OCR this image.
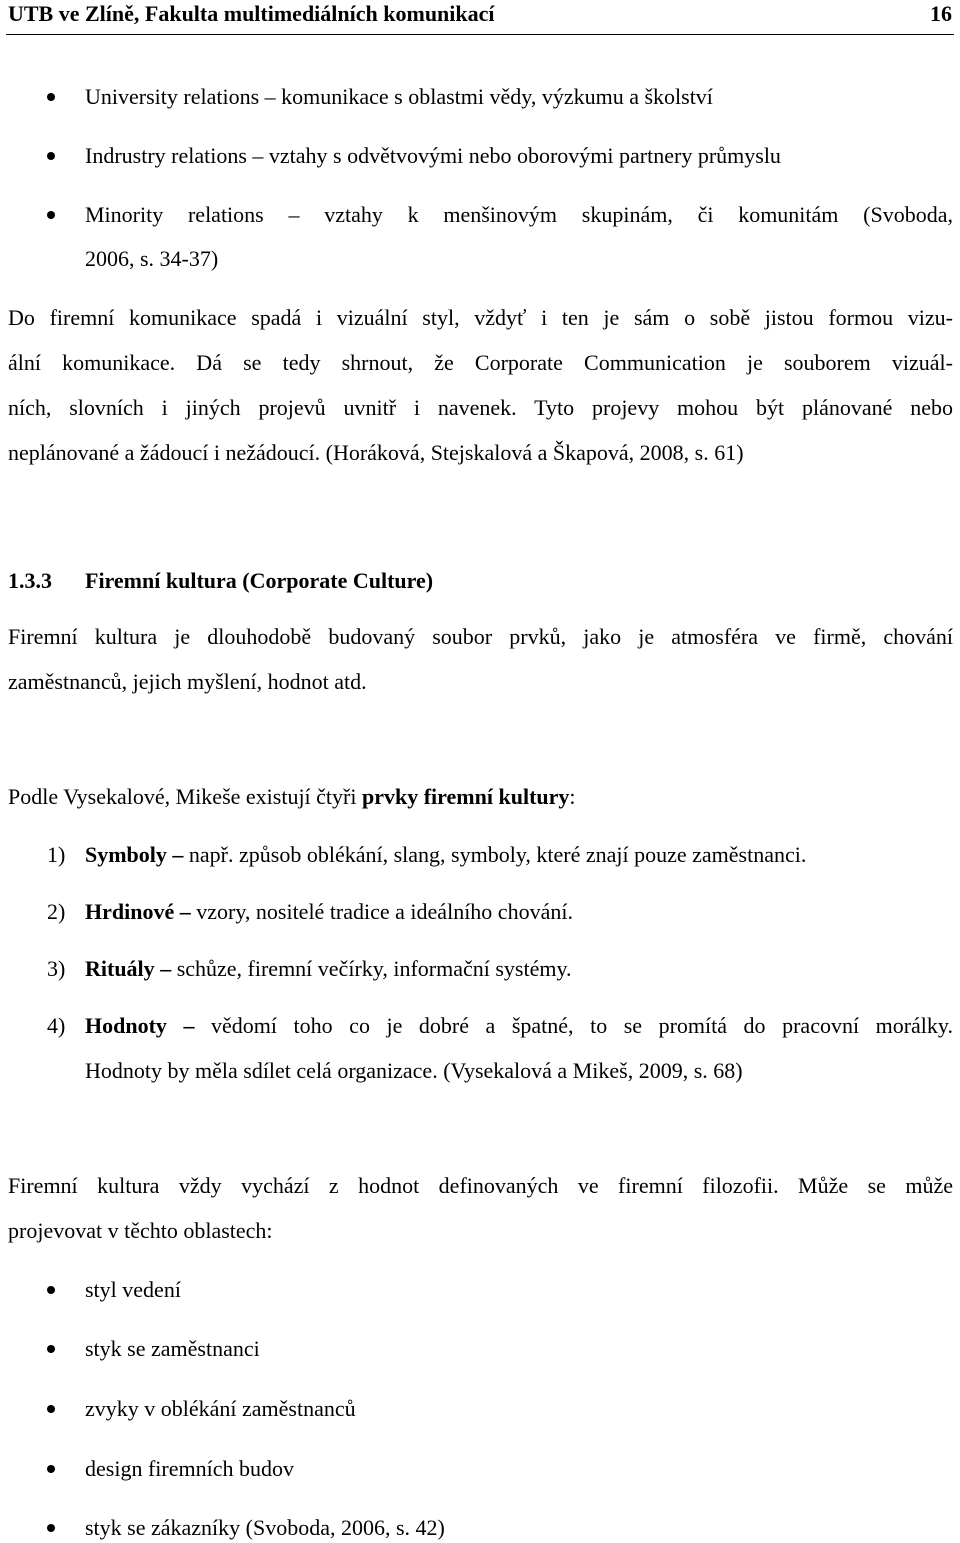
UTB ve Zlíně, Fakulta multimediálních komunikací	16
University relations – komunikace s oblastmi vědy, výzkumu a školství
Indrustry relations – vztahy s odvětvovými nebo oborovými partnery průmyslu
Minority relations – vztahy k menšinovým skupinám, či komunitám (Svoboda,
2006, s. 34-37)
Do firemní komunikace spadá i vizuální styl, vždyť i ten je sám o sobě jistou formou vizu-
ální komunikace. Dá se tedy shrnout, že Corporate Communication je souborem vizuál-
ních, slovních i jiných projevů uvnitř i navenek. Tyto projevy mohou být plánované nebo
neplánované a žádoucí i nežádoucí. (Horáková, Stejskalová a Škapová, 2008, s. 61)
1.3.3 Firemní kultura (Corporate Culture)
Firemní kultura je dlouhodobě budovaný soubor prvků, jako je atmosféra ve firmě, chování
zaměstnanců, jejich myšlení, hodnot atd.
Podle Vysekalové, Mikeše existují čtyři prvky firemní kultury:
1) Symboly – např. způsob oblékání, slang, symboly, které znají pouze zaměstnanci.
2) Hrdinové – vzory, nositelé tradice a ideálního chování.
3) Rituály – schůze, firemní večírky, informační systémy.
4) Hodnoty – vědomí toho co je dobré a špatné, to se promítá do pracovní morálky.
Hodnoty by měla sdílet celá organizace. (Vysekalová a Mikeš, 2009, s. 68)
Firemní kultura vždy vychází z hodnot definovaných ve firemní filozofii. Může se může
projevovat v těchto oblastech:
styl vedení
styk se zaměstnanci
zvyky v oblékání zaměstnanců
design firemních budov
styk se zákazníky (Svoboda, 2006, s. 42)
